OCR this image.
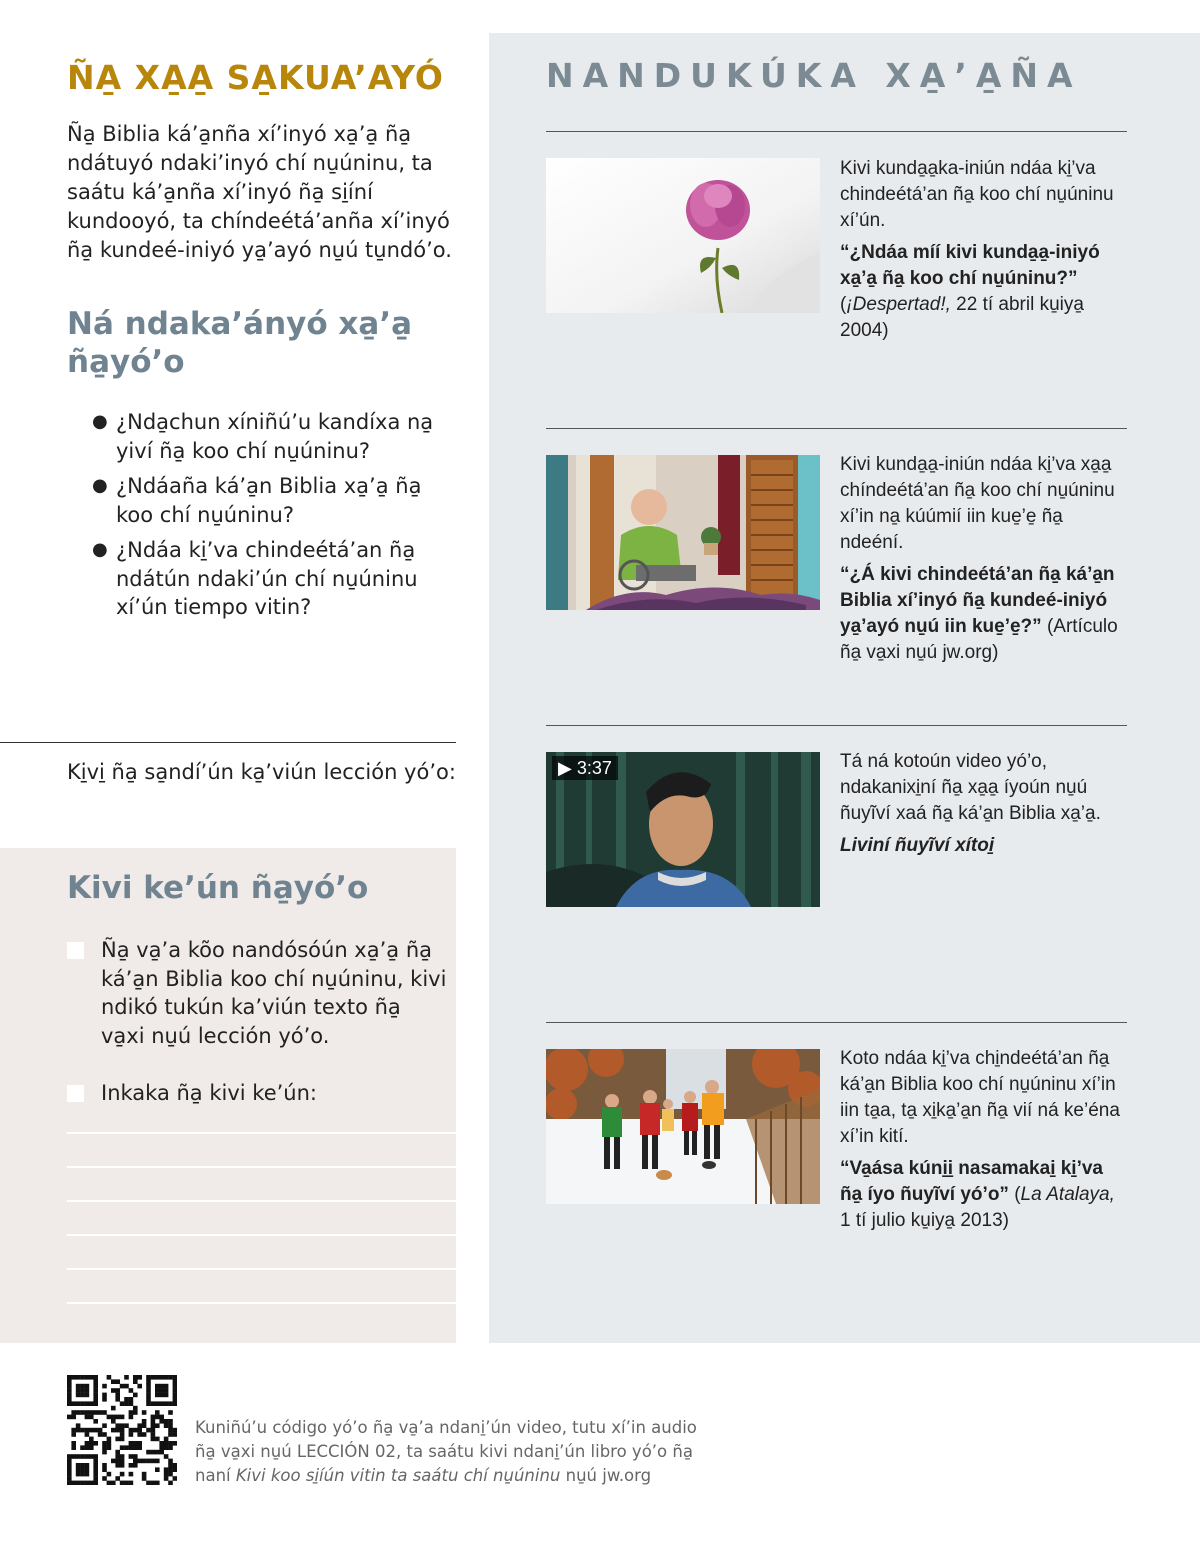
ÑA̱ XA̱A̱ SA̱KUA’AYÓ

Ña̱ Biblia ká’a̱nña xí’inyó xa̱’a̱ ña̱ ndátuyó ndaki’inyó chí nu̱úninu, ta saátu ká’a̱nña xí’inyó ña̱ si̱íní kundooyó, ta chíndeétá’anña xí’inyó ña̱ kundeé-iniyó ya̱’ayó nu̱ú tu̱ndó’o.

Ná ndaka’ányó xa̱’a̱ ña̱yó’o
● ¿Nda̱chun xíniñú’u kandíxa na̱ yiví ña̱ koo chí nu̱úninu?
● ¿Ndáaña ká’a̱n Biblia xa̱’a̱ ña̱ koo chí nu̱úninu?
● ¿Ndáa ki̱’va chindeétá’an ña̱ ndátún ndaki’ún chí nu̱úninu xí’ún tiempo vitin?
Ki̱vi̱ ña̱ sa̱ndí’ún ka̱’viún lección yó’o:
Kivi ke’ún ña̱yó’o
Ña̱ va̱’a kõo nandósóún xa̱’a̱ ña̱ ká’a̱n Biblia koo chí nu̱úninu, kivi ndikó tukún ka’viún texto ña̱ va̱xi nu̱ú lección yó’o.
Inkaka ña̱ kivi ke’ún:
NANDUKÚKA XA̱’A̱ÑA
Kivi kunda̱a̱ka-iniún ndáa ki̱’va chindeétá’an ña̱ koo chí nu̱úninu xí’ún.
“¿Ndáa míí kivi kunda̱a̱-iniyó xa̱’a̱ ña̱ koo chí nu̱úninu?” (¡Despertad!, 22 tí abril ku̱iya̱ 2004)
Kivi kunda̱a̱-iniún ndáa ki̱’va xa̱a̱ chíndeétá’an ña̱ koo chí nu̱úninu xí’in na̱ kúúmií iin kue̱’e̱ ña̱ ndeéní.
“¿Á kivi chindeétá’an ña̱ ká’a̱n Biblia xí’inyó ña̱ kundeé-iniyó ya̱’ayó nu̱ú iin kue̱’e̱?” (Artículo ña̱ va̱xi nu̱ú jw.org)
▶ 3:37	Tá ná kotoún video yó’o, ndakanixi̱ní ña̱ xa̱a̱ íyoún nu̱ú ñuyĩví xaá ña̱ ká’a̱n Biblia xa̱’a̱.
Liviní ñuyĩví xítoi̱
Koto ndáa ki̱’va chi̱ndeétá’an ña̱ ká’a̱n Biblia koo chí nu̱úninu xí’in iin ta̱a, ta̱ xi̱ka̱’a̱n ña̱ vií ná ke’éna xí’in kití.
“Va̱ása kúni̱i̱ nasamakai̱ ki̱’va ña̱ íyo ñuyĩví yó’o” (La Atalaya, 1 tí julio ku̱iya̱ 2013)

Kuniñú’u código yó’o ña̱ va̱’a ndani̱’ún video, tutu xí’in audio ña̱ va̱xi nu̱ú LECCIÓN 02, ta saátu kivi ndani̱’ún libro yó’o ña̱ naní Kivi koo si̱íún vitin ta saátu chí nu̱úninu nu̱ú jw.org
